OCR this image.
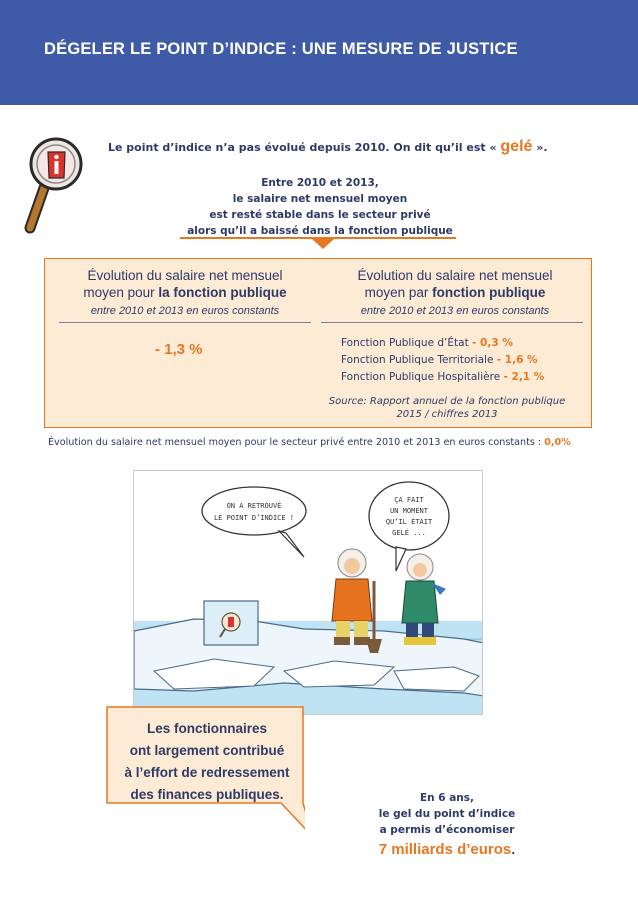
DÉGELER LE POINT D’INDICE : UNE MESURE DE JUSTICE
Le point d’indice n’a pas évolué depuis 2010. On dit qu’il est « gelé ».
Entre 2010 et 2013,
le salaire net mensuel moyen
est resté stable dans le secteur privé
alors qu’il a baissé dans la fonction publique
Évolution du salaire net mensuel
moyen pour la fonction publique
entre 2010 et 2013 en euros constants
- 1,3 %
Évolution du salaire net mensuel
moyen par fonction publique
entre 2010 et 2013 en euros constants
Fonction Publique d’État - 0,3 %
Fonction Publique Territoriale - 1,6 %
Fonction Publique Hospitalière - 2,1 %
Source: Rapport annuel de la fonction publique
2015 / chiffres 2013
Évolution du salaire net mensuel moyen pour le secteur privé entre 2010 et 2013 en euros constants : 0,0%
ON A RETROUVÉ
LE POINT D’INDICE !
ÇA FAIT
UN MOMENT
QU’IL ÉTAIT
GELÉ ...
Les fonctionnaires
ont largement contribué
à l’effort de redressement
des finances publiques.	En 6 ans,
le gel du point d’indice
a permis d’économiser
7 milliards d’euros.
